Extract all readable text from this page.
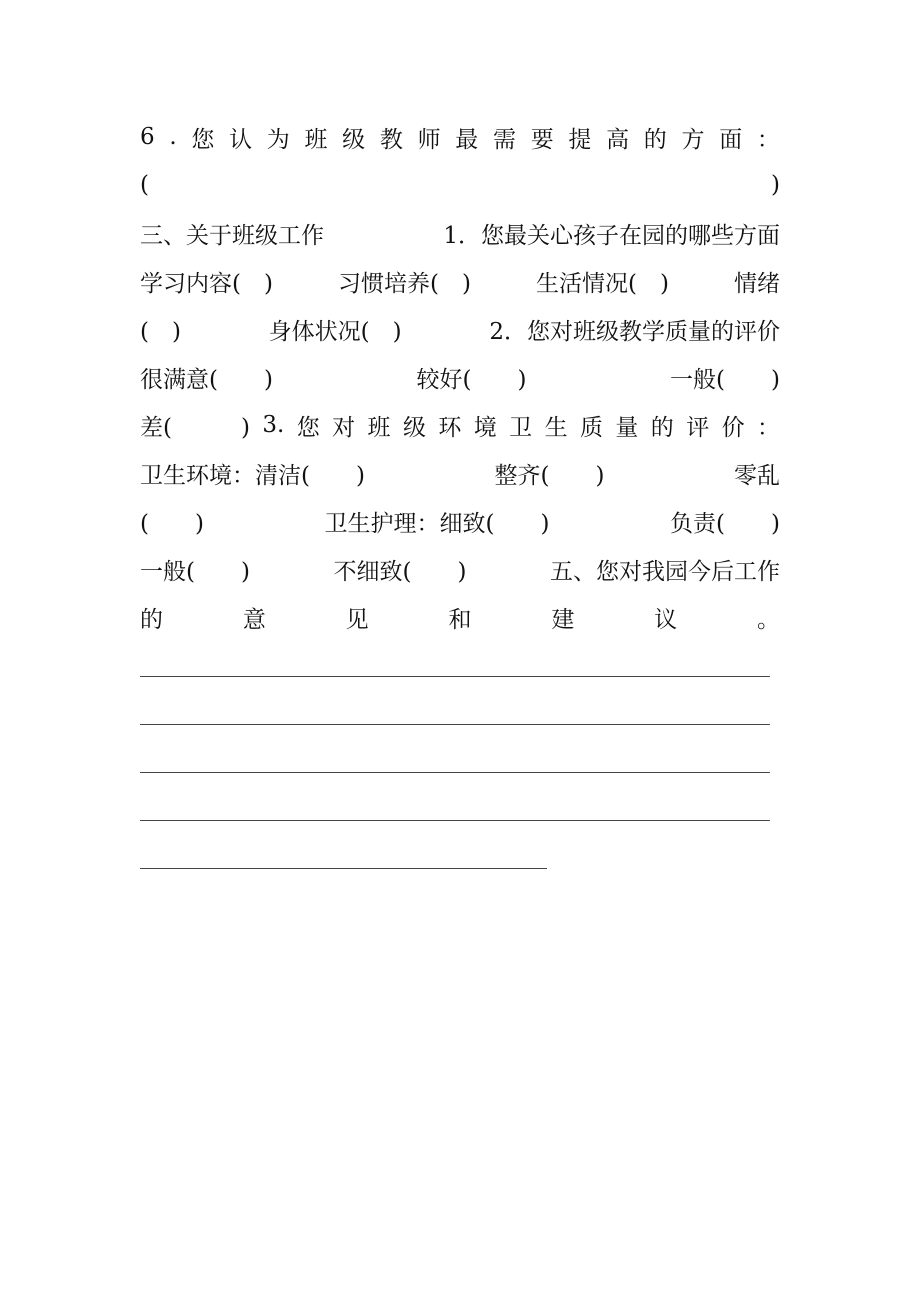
6 . 您 认 为 班 级 教 师 最 需 要 提 高 的 方 面 ：
(	)
三、关于班级工作	1．您最关心孩子在园的哪些方面
学习内容(　)	习惯培养(　)	生活情况(　)	情绪
(　)	身体状况(　)	2．您对班级教学质量的评价
很满意(　　)	较好(　　)	一般(　　)
差(　　　) 3. 您 对 班 级 环 境 卫 生 质 量 的 评 价 ：
卫生环境：清洁(　　)	整齐(　　)	零乱
(　　)	卫生护理：细致(　　)	负责(　　)
一般(　　)	不细致(　　)	五、您对我园今后工作
的	意	见	和	建	议	。
